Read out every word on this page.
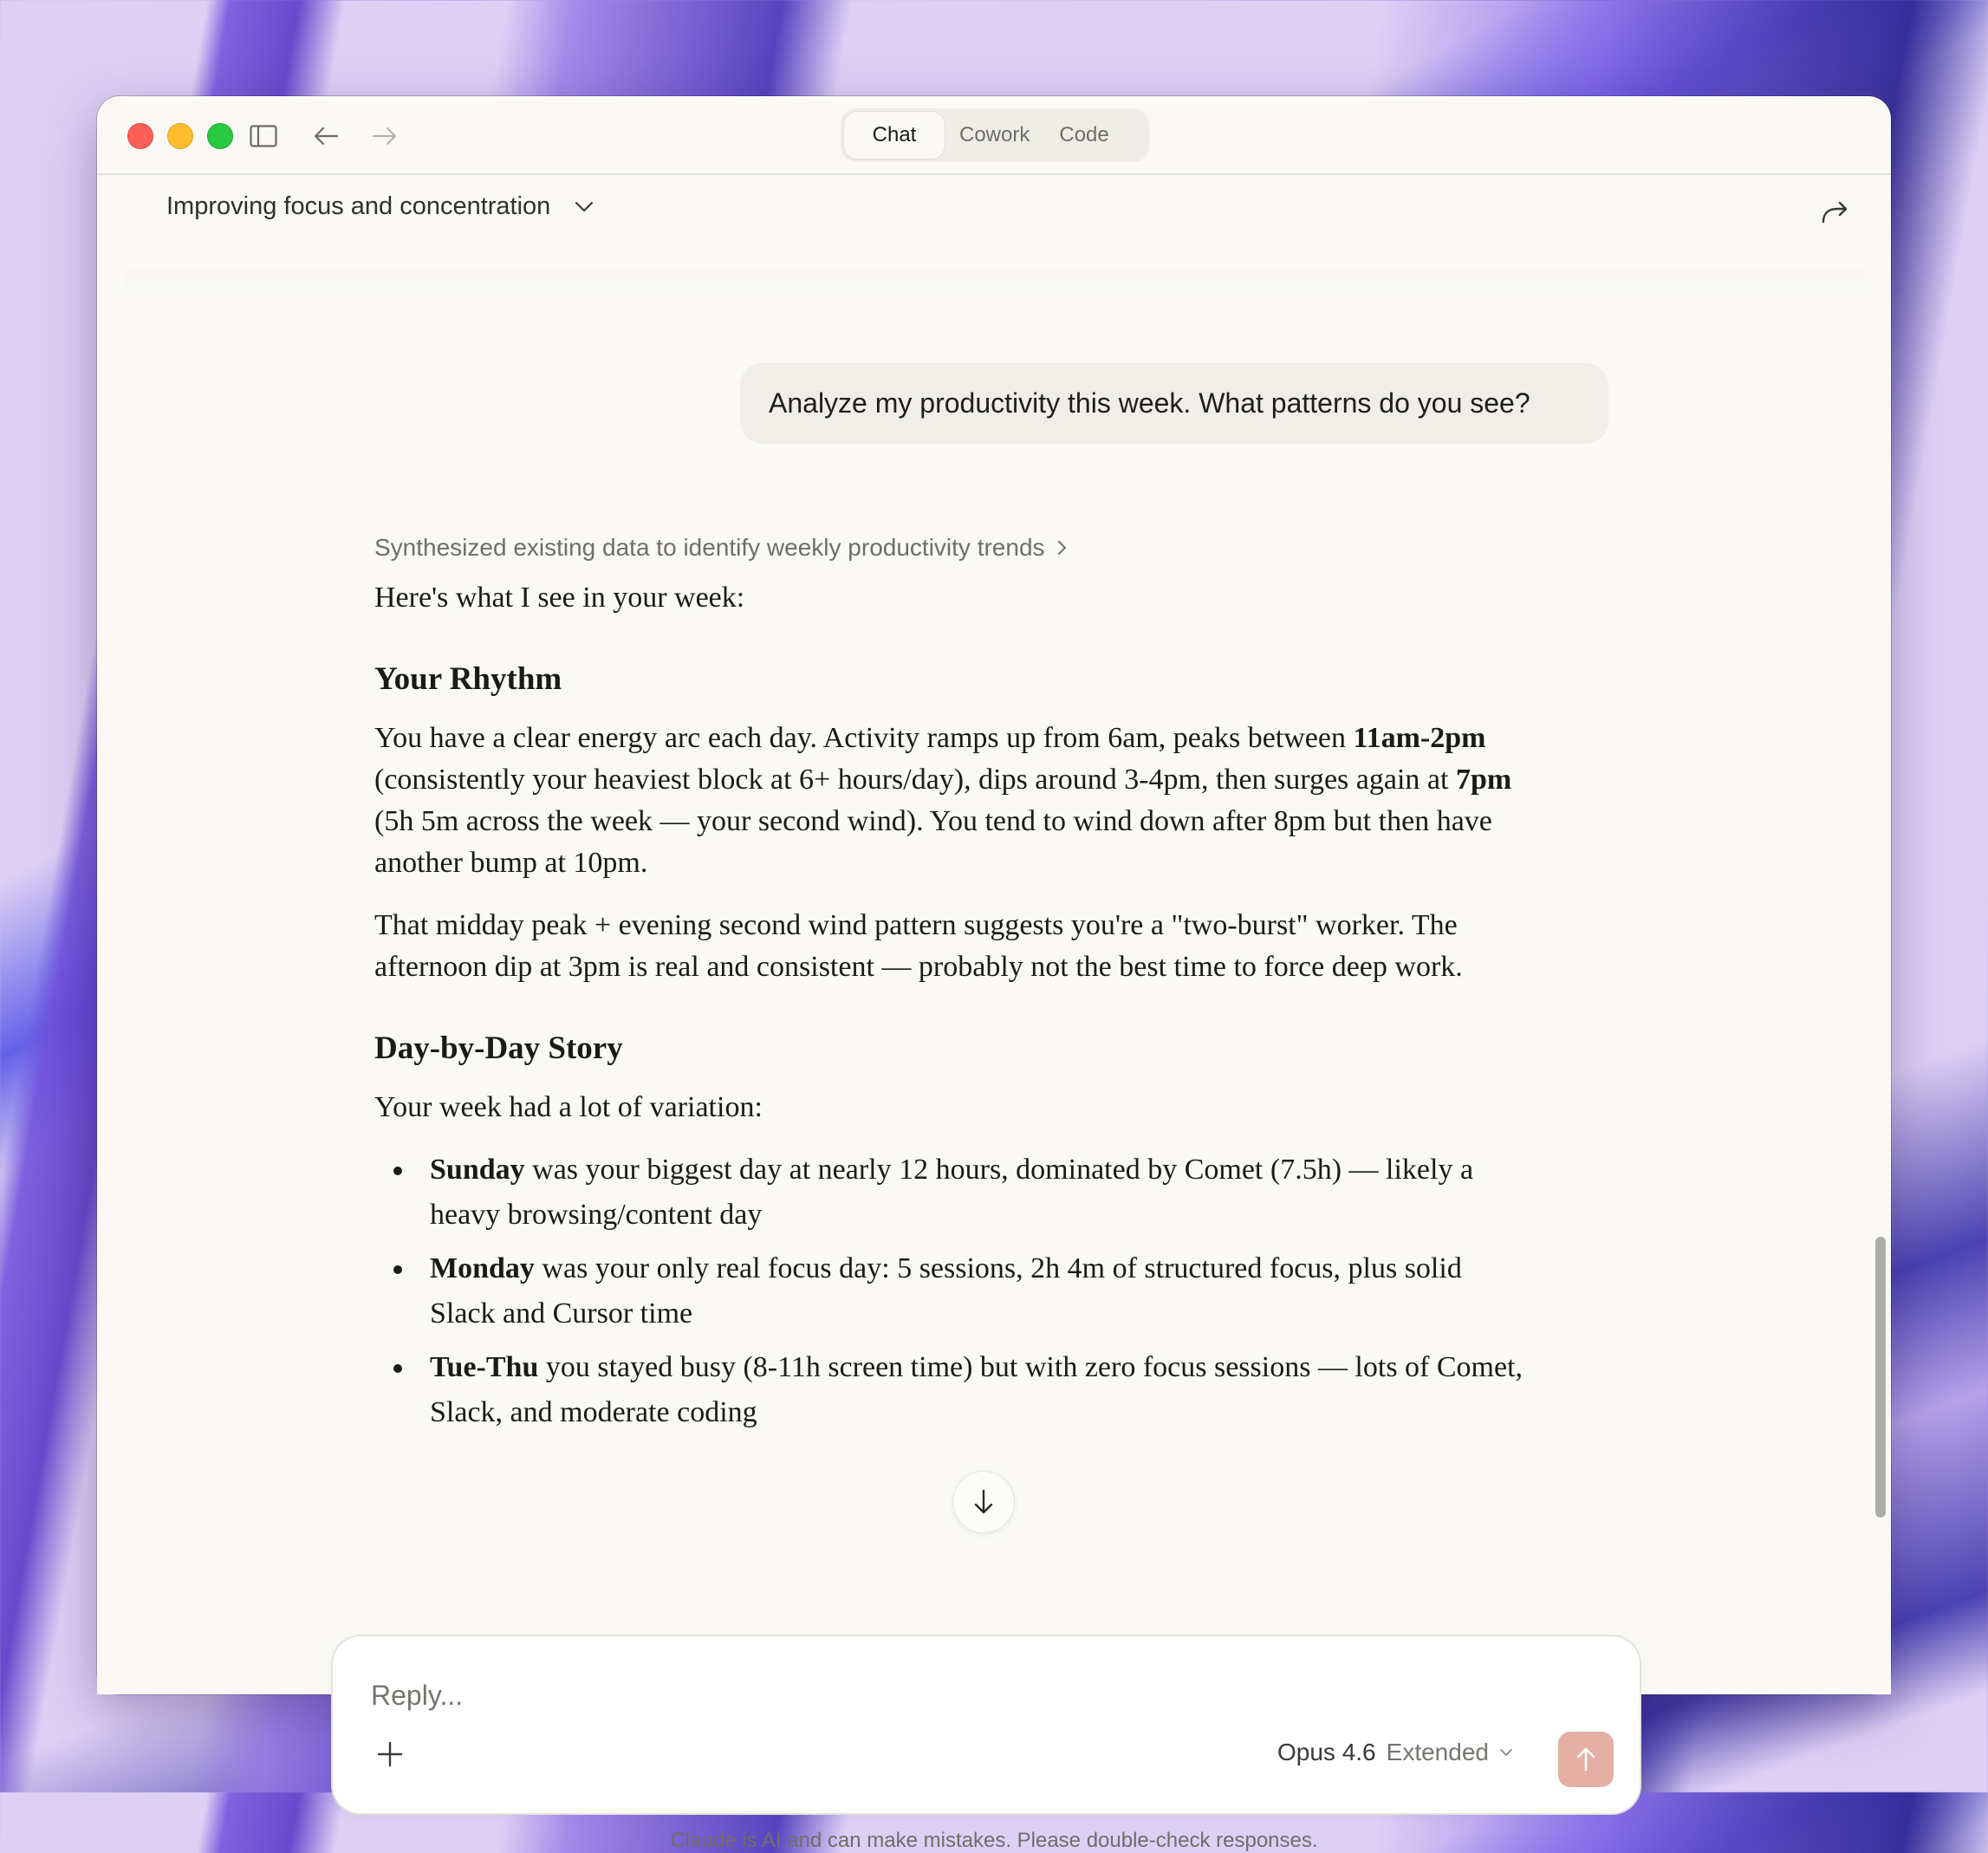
Chat	Cowork	Code
Improving focus and concentration
Analyze my productivity this week. What patterns do you see?
Synthesized existing data to identify weekly productivity trends

Here's what I see in your week:

Your Rhythm

You have a clear energy arc each day. Activity ramps up from 6am, peaks between 11am-2pm (consistently your heaviest block at 6+ hours/day), dips around 3-4pm, then surges again at 7pm (5h 5m across the week — your second wind). You tend to wind down after 8pm but then have another bump at 10pm.

That midday peak + evening second wind pattern suggests you're a "two-burst" worker. The afternoon dip at 3pm is real and consistent — probably not the best time to force deep work.

Day-by-Day Story

Your week had a lot of variation:

Sunday was your biggest day at nearly 12 hours, dominated by Comet (7.5h) — likely a heavy browsing/content day
Monday was your only real focus day: 5 sessions, 2h 4m of structured focus, plus solid Slack and Cursor time
Tue-Thu you stayed busy (8-11h screen time) but with zero focus sessions — lots of Comet, Slack, and moderate coding
Reply...
Opus 4.6 Extended
Claude is AI and can make mistakes. Please double-check responses.
